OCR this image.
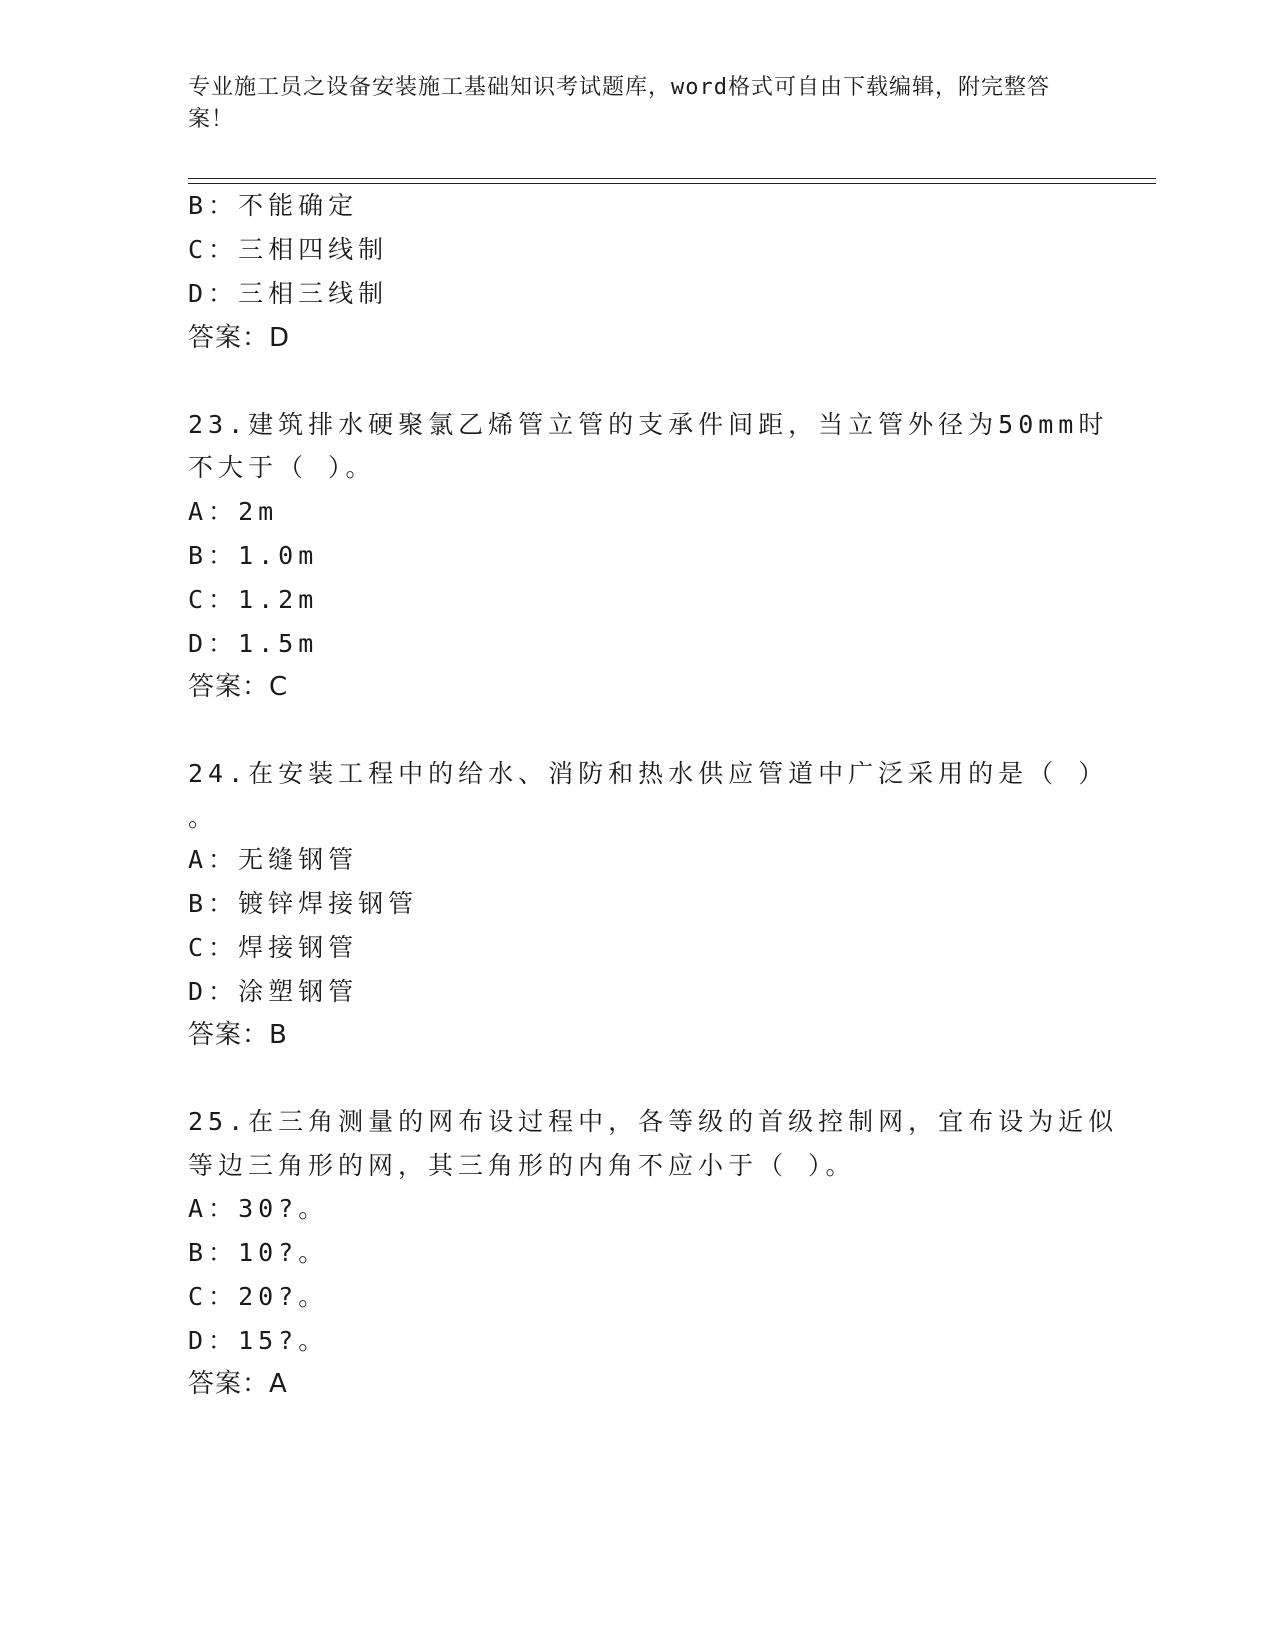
专业施工员之设备安装施工基础知识考试题库，word格式可自由下载编辑，附完整答案！
B：不能确定
C：三相四线制
D：三相三线制
答案：D
23.建筑排水硬聚氯乙烯管立管的支承件间距，当立管外径为50mm时
不大于（ ）。
A：2m
B：1.0m
C：1.2m
D：1.5m
答案：C
24.在安装工程中的给水、消防和热水供应管道中广泛采用的是（ ）
。
A：无缝钢管
B：镀锌焊接钢管
C：焊接钢管
D：涂塑钢管
答案：B
25.在三角测量的网布设过程中，各等级的首级控制网，宜布设为近似
等边三角形的网，其三角形的内角不应小于（ ）。
A：30?。
B：10?。
C：20?。
D：15?。
答案：A
